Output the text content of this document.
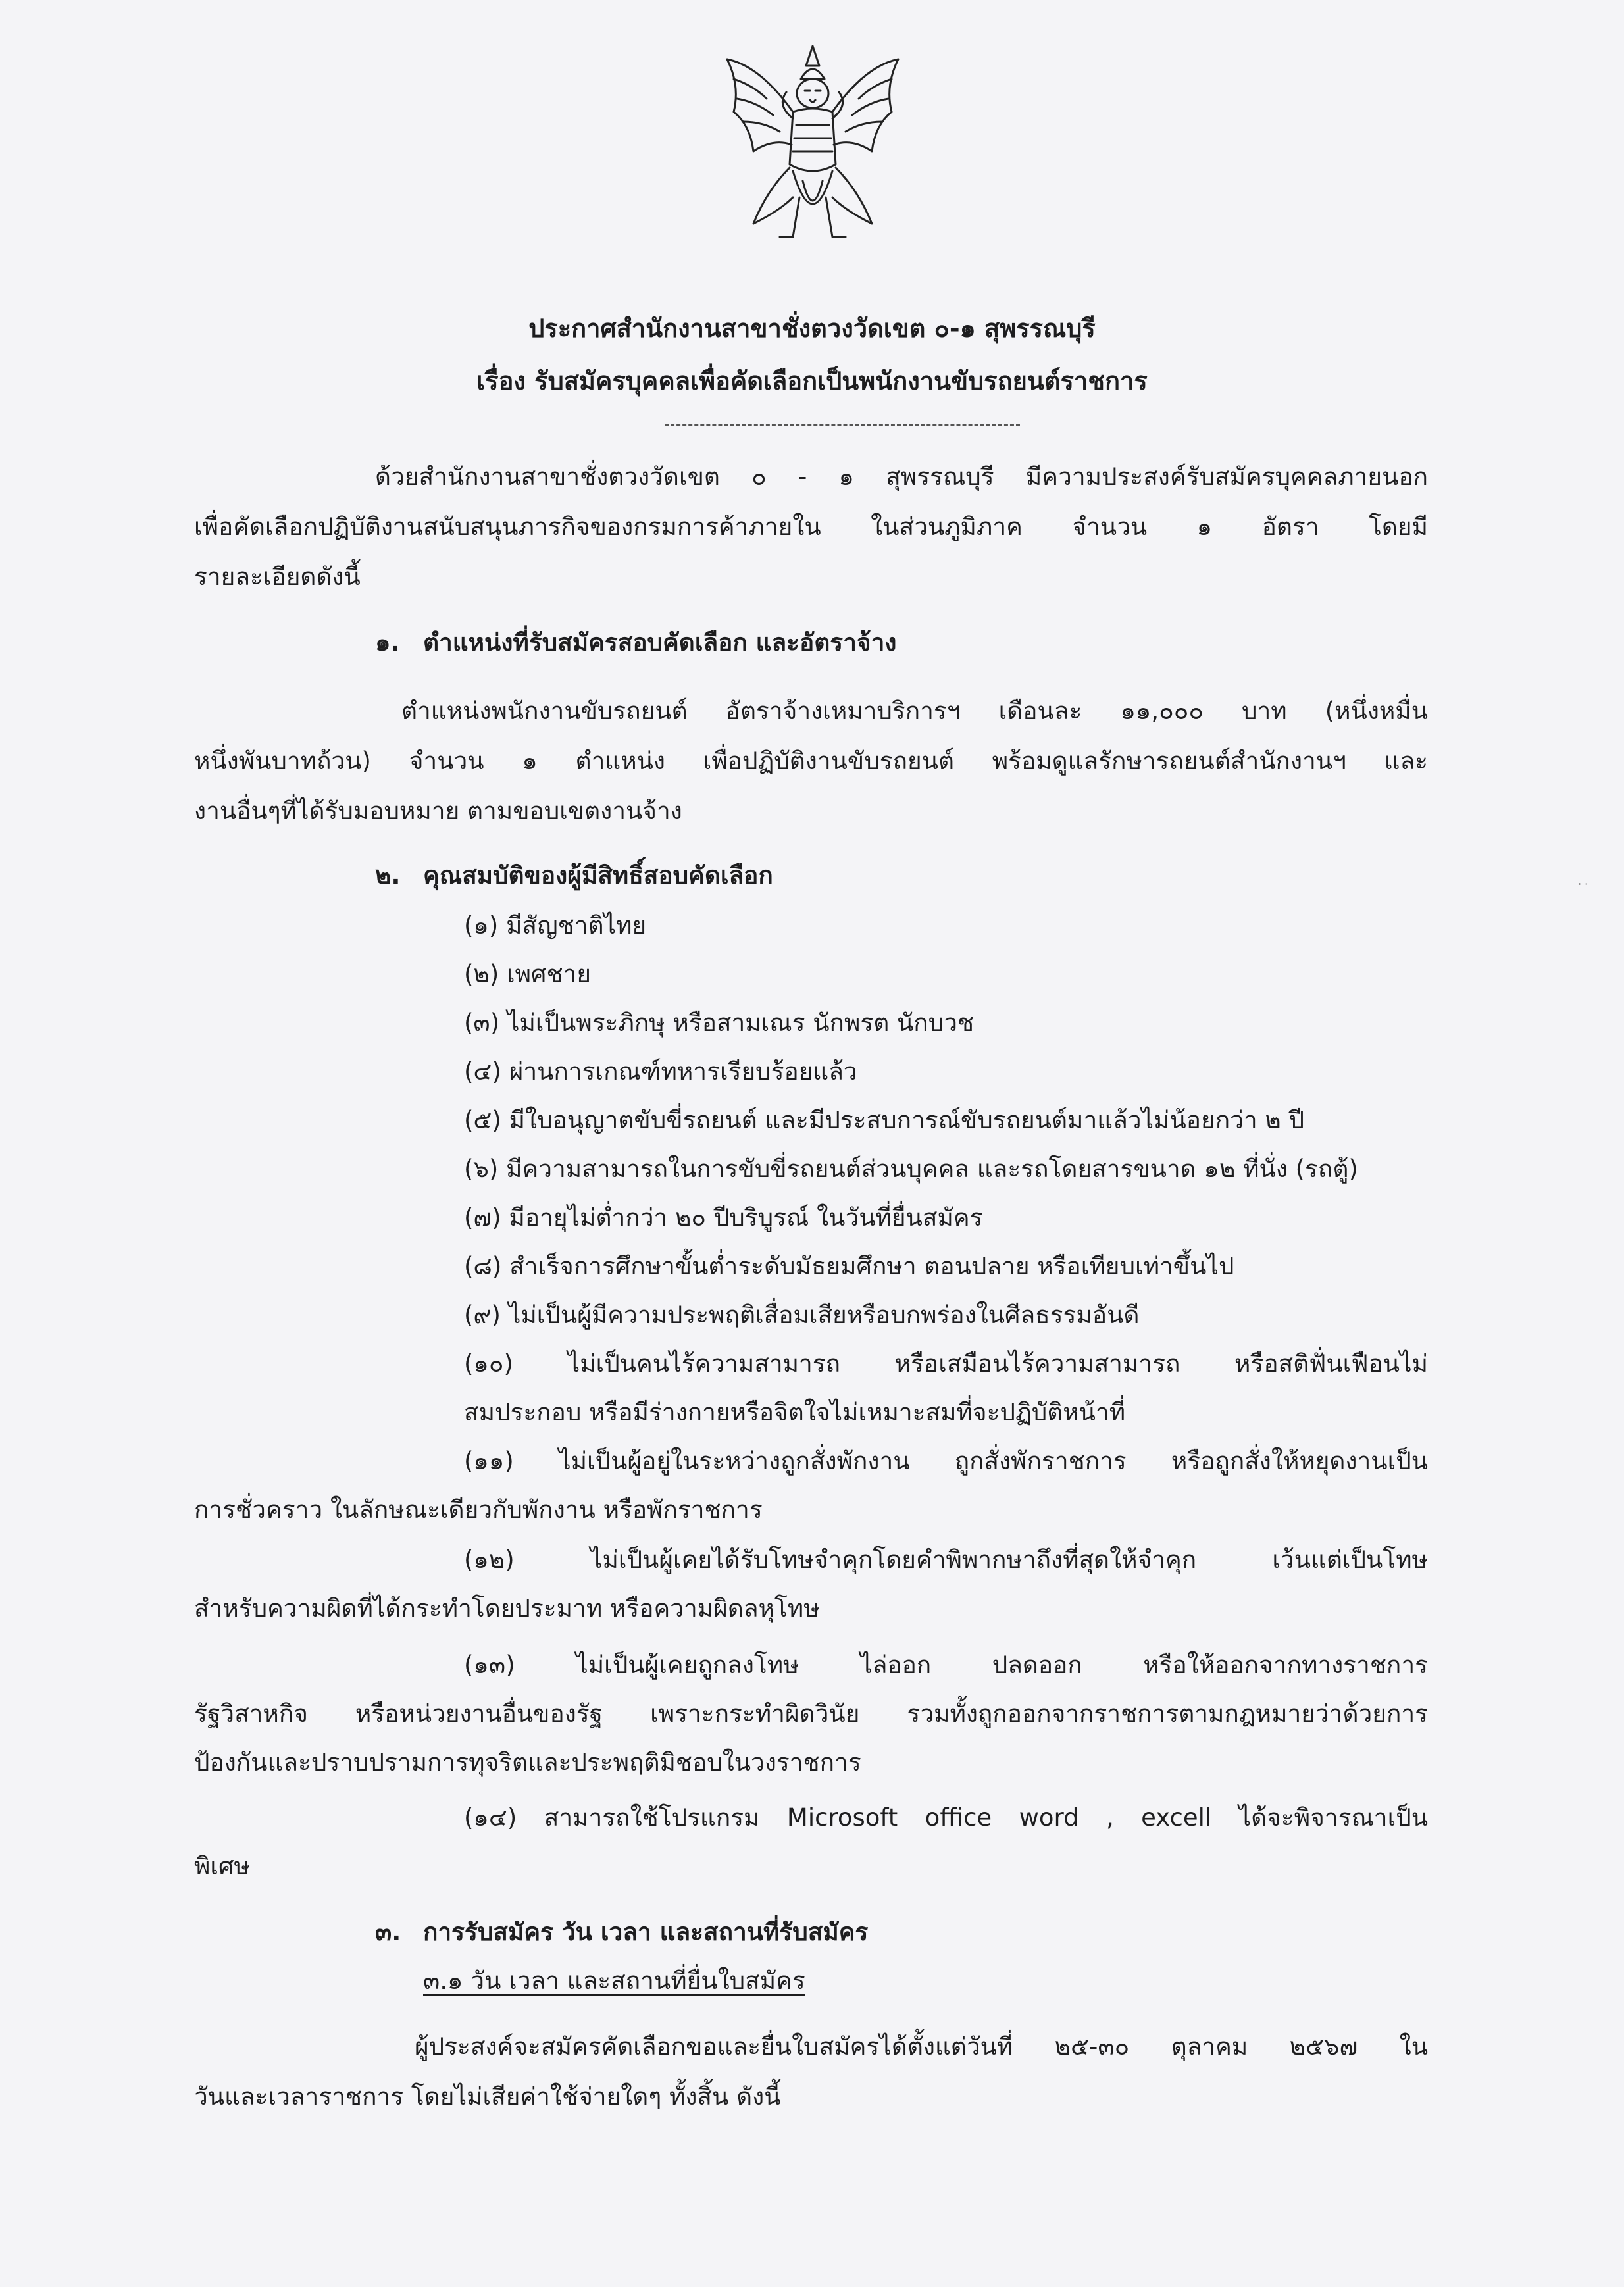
ประกาศสำนักงานสาขาชั่งตวงวัดเขต ๐-๑ สุพรรณบุรี
เรื่อง รับสมัครบุคคลเพื่อคัดเลือกเป็นพนักงานขับรถยนต์ราชการ
ด้วยสำนักงานสาขาชั่งตวงวัดเขต ๐ - ๑ สุพรรณบุรี มีความประสงค์รับสมัครบุคคลภายนอก
เพื่อคัดเลือกปฏิบัติงานสนับสนุนภารกิจของกรมการค้าภายใน ในส่วนภูมิภาค จำนวน ๑ อัตรา โดยมี
รายละเอียดดังนี้
๑. ตำแหน่งที่รับสมัครสอบคัดเลือก และอัตราจ้าง
ตำแหน่งพนักงานขับรถยนต์ อัตราจ้างเหมาบริการฯ เดือนละ ๑๑,๐๐๐ บาท (หนึ่งหมื่น
หนึ่งพันบาทถ้วน) จำนวน ๑ ตำแหน่ง เพื่อปฏิบัติงานขับรถยนต์ พร้อมดูแลรักษารถยนต์สำนักงานฯ และ
งานอื่นๆที่ได้รับมอบหมาย ตามขอบเขตงานจ้าง
๒. คุณสมบัติของผู้มีสิทธิ์สอบคัดเลือก
(๑) มีสัญชาติไทย
(๒) เพศชาย
(๓) ไม่เป็นพระภิกษุ หรือสามเณร นักพรต นักบวช
(๔) ผ่านการเกณฑ์ทหารเรียบร้อยแล้ว
(๕) มีใบอนุญาตขับขี่รถยนต์ และมีประสบการณ์ขับรถยนต์มาแล้วไม่น้อยกว่า ๒ ปี
(๖) มีความสามารถในการขับขี่รถยนต์ส่วนบุคคล และรถโดยสารขนาด ๑๒ ที่นั่ง (รถตู้)
(๗) มีอายุไม่ต่ำกว่า ๒๐ ปีบริบูรณ์ ในวันที่ยื่นสมัคร
(๘) สำเร็จการศึกษาขั้นต่ำระดับมัธยมศึกษา ตอนปลาย หรือเทียบเท่าขึ้นไป
(๙) ไม่เป็นผู้มีความประพฤติเสื่อมเสียหรือบกพร่องในศีลธรรมอันดี
(๑๐) ไม่เป็นคนไร้ความสามารถ หรือเสมือนไร้ความสามารถ หรือสติฟั่นเฟือนไม่
สมประกอบ หรือมีร่างกายหรือจิตใจไม่เหมาะสมที่จะปฏิบัติหน้าที่
(๑๑) ไม่เป็นผู้อยู่ในระหว่างถูกสั่งพักงาน ถูกสั่งพักราชการ หรือถูกสั่งให้หยุดงานเป็น
การชั่วคราว ในลักษณะเดียวกับพักงาน หรือพักราชการ
(๑๒) ไม่เป็นผู้เคยได้รับโทษจำคุกโดยคำพิพากษาถึงที่สุดให้จำคุก เว้นแต่เป็นโทษ
สำหรับความผิดที่ได้กระทำโดยประมาท หรือความผิดลหุโทษ
(๑๓) ไม่เป็นผู้เคยถูกลงโทษ ไล่ออก ปลดออก หรือให้ออกจากทางราชการ
รัฐวิสาหกิจ หรือหน่วยงานอื่นของรัฐ เพราะกระทำผิดวินัย รวมทั้งถูกออกจากราชการตามกฎหมายว่าด้วยการ
ป้องกันและปราบปรามการทุจริตและประพฤติมิชอบในวงราชการ
(๑๔) สามารถใช้โปรแกรม Microsoft office word , excell ได้จะพิจารณาเป็น
พิเศษ
๓. การรับสมัคร วัน เวลา และสถานที่รับสมัคร
๓.๑ วัน เวลา และสถานที่ยื่นใบสมัคร
ผู้ประสงค์จะสมัครคัดเลือกขอและยื่นใบสมัครได้ตั้งแต่วันที่ ๒๕-๓๐ ตุลาคม ๒๕๖๗ ใน
วันและเวลาราชการ โดยไม่เสียค่าใช้จ่ายใดๆ ทั้งสิ้น ดังนี้
· ·
